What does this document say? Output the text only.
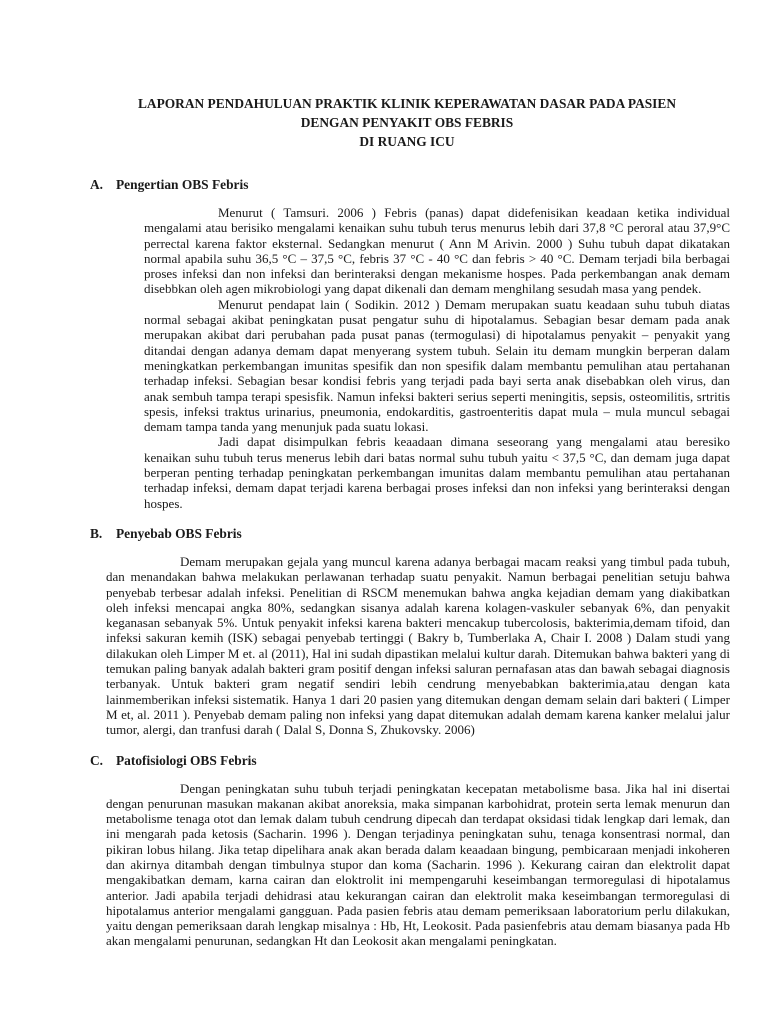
LAPORAN PENDAHULUAN PRAKTIK KLINIK KEPERAWATAN DASAR PADA PASIEN

DENGAN PENYAKIT OBS FEBRIS

DI RUANG ICU

A. Pengertian OBS Febris

Menurut ( Tamsuri. 2006 ) Febris (panas) dapat didefenisikan keadaan ketika individual mengalami atau berisiko mengalami kenaikan suhu tubuh terus menurus lebih dari 37,8 °C peroral atau 37,9°C perrectal karena faktor eksternal. Sedangkan menurut ( Ann M Arivin. 2000 ) Suhu tubuh dapat dikatakan normal apabila suhu 36,5 °C – 37,5 °C, febris 37 °C - 40 °C dan febris > 40 °C. Demam terjadi bila berbagai proses infeksi dan non infeksi dan berinteraksi dengan mekanisme hospes. Pada perkembangan anak demam disebbkan oleh agen mikrobiologi yang dapat dikenali dan demam menghilang sesudah masa yang pendek.

Menurut pendapat lain ( Sodikin. 2012 ) Demam merupakan suatu keadaan suhu tubuh diatas normal sebagai akibat peningkatan pusat pengatur suhu di hipotalamus. Sebagian besar demam pada anak merupakan akibat dari perubahan pada pusat panas (termogulasi) di hipotalamus penyakit – penyakit yang ditandai dengan adanya demam dapat menyerang system tubuh. Selain itu demam mungkin berperan dalam meningkatkan perkembangan imunitas spesifik dan non spesifik dalam membantu pemulihan atau pertahanan terhadap infeksi. Sebagian besar kondisi febris yang terjadi pada bayi serta anak disebabkan oleh virus, dan anak sembuh tampa terapi spesisfik. Namun infeksi bakteri serius seperti meningitis, sepsis, osteomilitis, srtritis spesis, infeksi traktus urinarius, pneumonia, endokarditis, gastroenteritis dapat mula – mula muncul sebagai demam tampa tanda yang menunjuk pada suatu lokasi.

Jadi dapat disimpulkan febris keaadaan dimana seseorang yang mengalami atau beresiko kenaikan suhu tubuh terus menerus lebih dari batas normal suhu tubuh yaitu < 37,5 °C, dan demam juga dapat berperan penting terhadap peningkatan perkembangan imunitas dalam membantu pemulihan atau pertahanan terhadap infeksi, demam dapat terjadi karena berbagai proses infeksi dan non infeksi yang berinteraksi dengan hospes.

B. Penyebab OBS Febris

Demam merupakan gejala yang muncul karena adanya berbagai macam reaksi yang timbul pada tubuh, dan menandakan bahwa melakukan perlawanan terhadap suatu penyakit. Namun berbagai penelitian setuju bahwa penyebab terbesar adalah infeksi. Penelitian di RSCM menemukan bahwa angka kejadian demam yang diakibatkan oleh infeksi mencapai angka 80%, sedangkan sisanya adalah karena kolagen-vaskuler sebanyak 6%, dan penyakit keganasan sebanyak 5%. Untuk penyakit infeksi karena bakteri mencakup tubercolosis, bakterimia,demam tifoid, dan infeksi sakuran kemih (ISK) sebagai penyebab tertinggi ( Bakry b, Tumberlaka A, Chair I. 2008 ) Dalam studi yang dilakukan oleh Limper M et. al (2011), Hal ini sudah dipastikan melalui kultur darah. Ditemukan bahwa bakteri yang di temukan paling banyak adalah bakteri gram positif dengan infeksi saluran pernafasan atas dan bawah sebagai diagnosis terbanyak. Untuk bakteri gram negatif sendiri lebih cendrung menyebabkan bakterimia,atau dengan kata lainmemberikan infeksi sistematik. Hanya 1 dari 20 pasien yang ditemukan dengan demam selain dari bakteri ( Limper M et, al. 2011 ). Penyebab demam paling non infeksi yang dapat ditemukan adalah demam karena kanker melalui jalur tumor, alergi, dan tranfusi darah ( Dalal S, Donna S, Zhukovsky. 2006)

C. Patofisiologi OBS Febris

Dengan peningkatan suhu tubuh terjadi peningkatan kecepatan metabolisme basa. Jika hal ini disertai dengan penurunan masukan makanan akibat anoreksia, maka simpanan karbohidrat, protein serta lemak menurun dan metabolisme tenaga otot dan lemak dalam tubuh cendrung dipecah dan terdapat oksidasi tidak lengkap dari lemak, dan ini mengarah pada ketosis (Sacharin. 1996 ). Dengan terjadinya peningkatan suhu, tenaga konsentrasi normal, dan pikiran lobus hilang. Jika tetap dipelihara anak akan berada dalam keaadaan bingung, pembicaraan menjadi inkoheren dan akirnya ditambah dengan timbulnya stupor dan koma (Sacharin. 1996 ). Kekurang cairan dan elektrolit dapat mengakibatkan demam, karna cairan dan eloktrolit ini mempengaruhi keseimbangan termoregulasi di hipotalamus anterior. Jadi apabila terjadi dehidrasi atau kekurangan cairan dan elektrolit maka keseimbangan termoregulasi di hipotalamus anterior mengalami gangguan. Pada pasien febris atau demam pemeriksaan laboratorium perlu dilakukan, yaitu dengan pemeriksaan darah lengkap misalnya : Hb, Ht, Leokosit. Pada pasienfebris atau demam biasanya pada Hb akan mengalami penurunan, sedangkan Ht dan Leokosit akan mengalami peningkatan.
